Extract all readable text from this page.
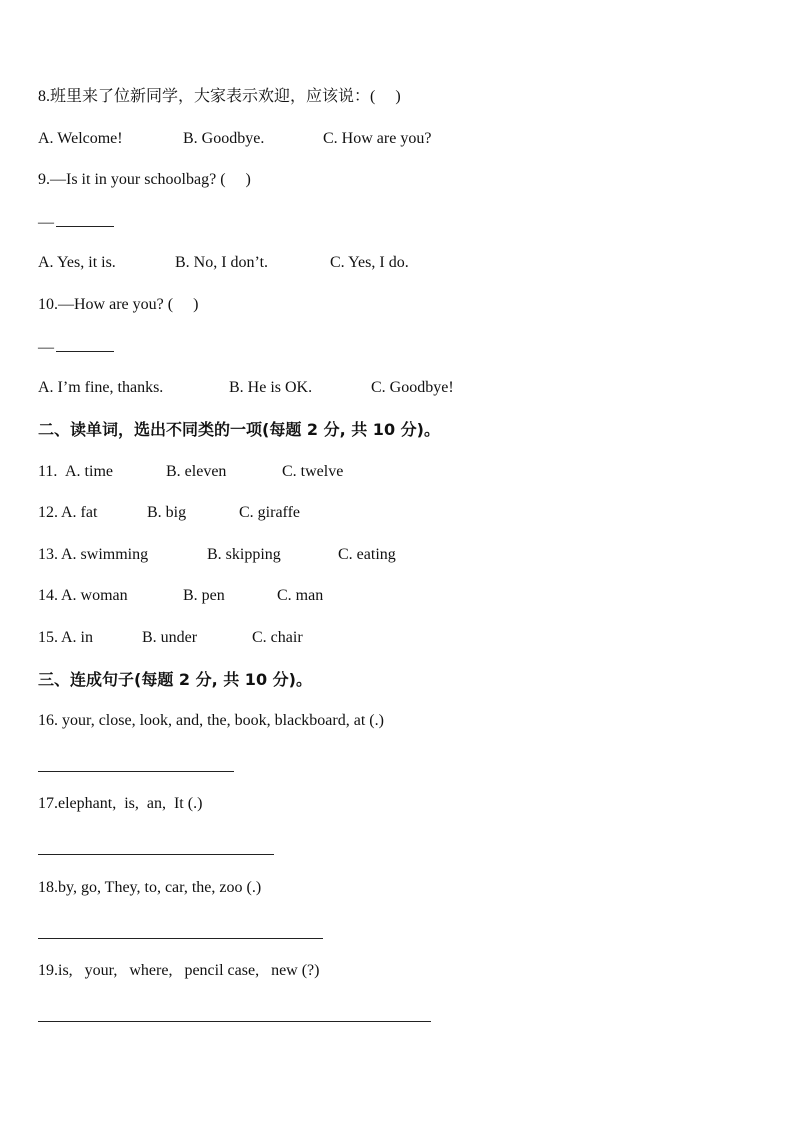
8.班里来了位新同学，大家表示欢迎，应该说：(　 )

A. Welcome!

	B. Goodbye.

	C. How are you?

9.—Is it in your schoolbag? (　 )
—

A. Yes, it is.

	B. No, I don’t.

	C. Yes, I do.

10.—How are you? (　 )
—

A. I’m fine, thanks.

	B. He is OK.

	C. Goodbye!

二、读单词，选出不同类的一项(每题 2 分, 共 10 分)。

11.

A. time

	B. eleven

	C. twelve

12.

A. fat

	B. big

	C. giraffe

13.

A. swimming

	B. skipping

	C. eating

14.

A. woman

	B. pen

	C. man

15.

A. in

	B. under

	C. chair

三、连成句子(每题 2 分, 共 10 分)。
16. your, close, look, and, the, book, blackboard, at (.)
17.elephant,  is,  an,  It (.)
18.by, go, They, to, car, the, zoo (.)
19.is,   your,   where,   pencil case,   new (?)
